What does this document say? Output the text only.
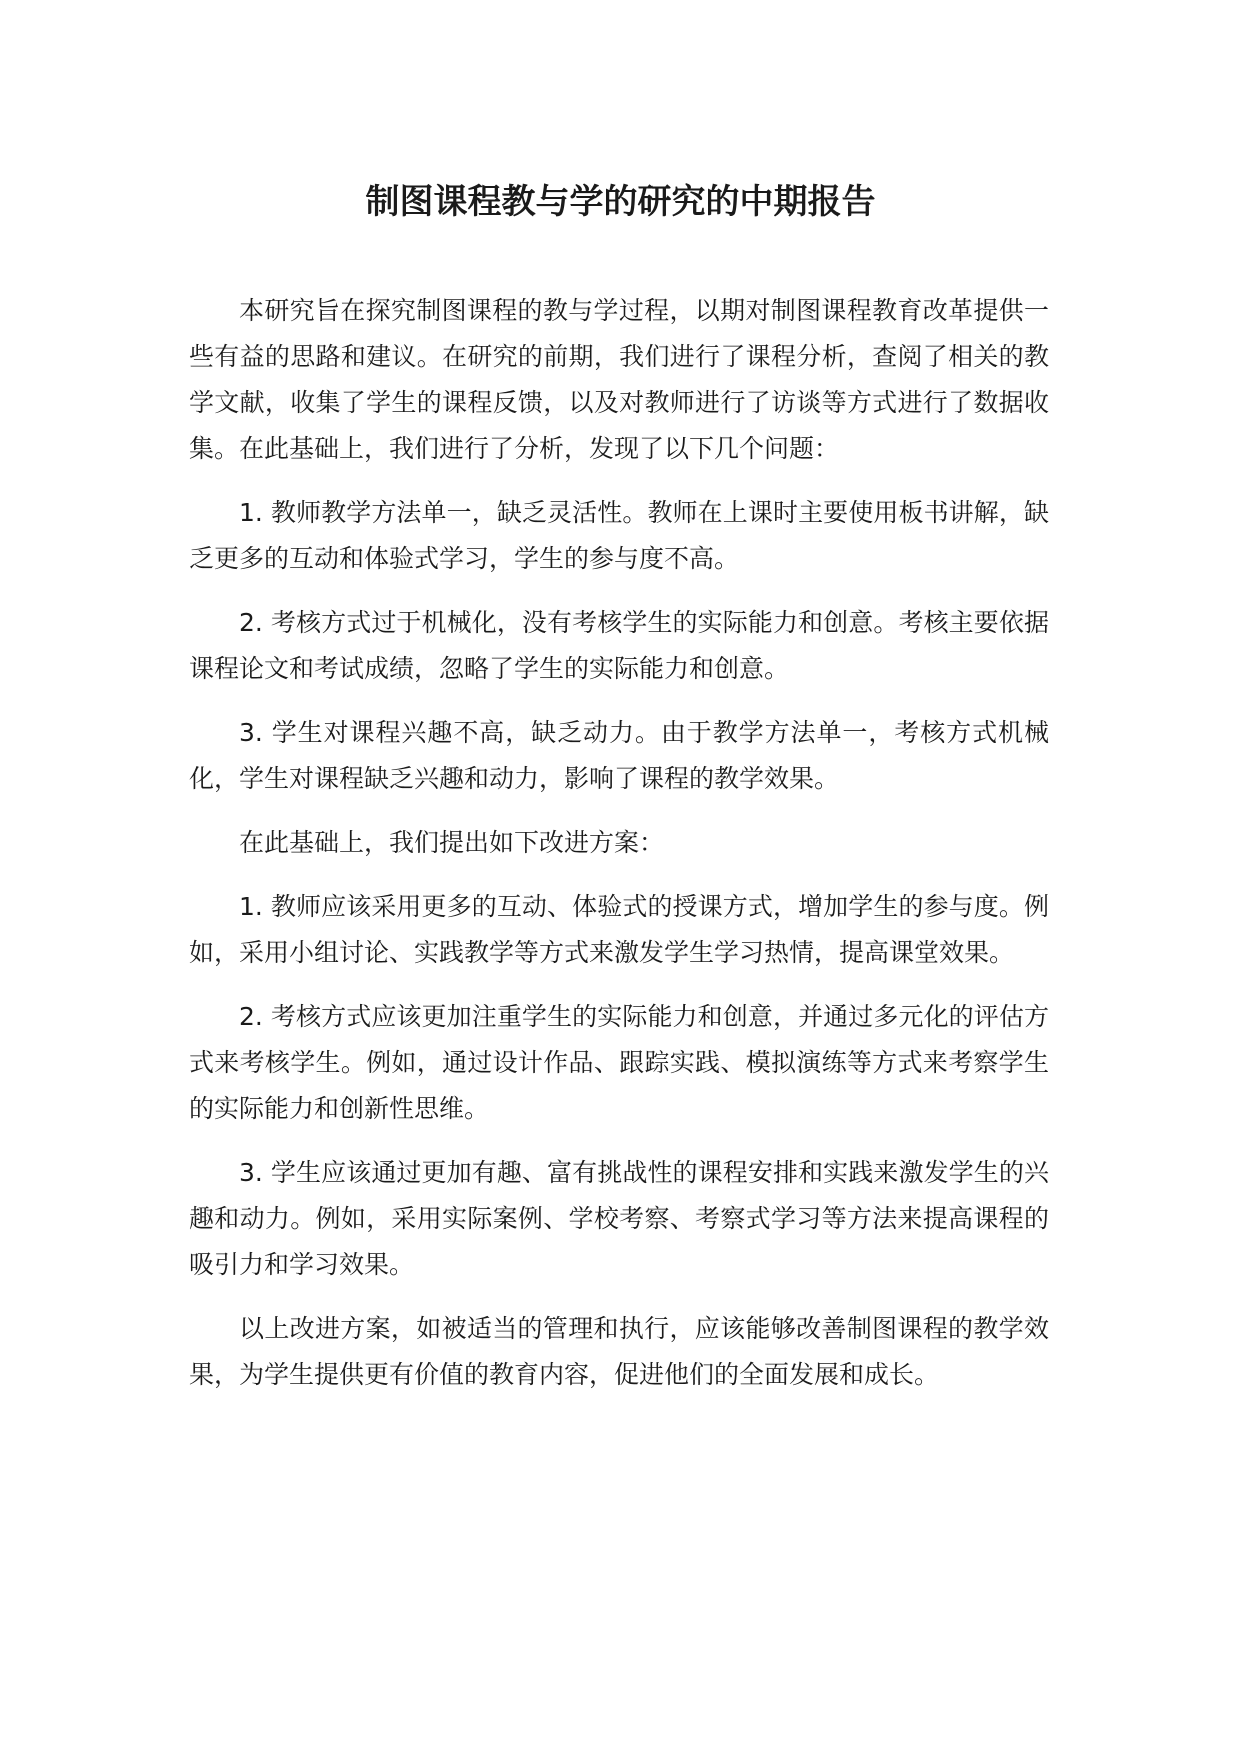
制图课程教与学的研究的中期报告

本研究旨在探究制图课程的教与学过程，以期对制图课程教育改革提供一些有益的思路和建议。在研究的前期，我们进行了课程分析，查阅了相关的教学文献，收集了学生的课程反馈，以及对教师进行了访谈等方式进行了数据收集。在此基础上，我们进行了分析，发现了以下几个问题：

1. 教师教学方法单一，缺乏灵活性。教师在上课时主要使用板书讲解，缺乏更多的互动和体验式学习，学生的参与度不高。

2. 考核方式过于机械化，没有考核学生的实际能力和创意。考核主要依据课程论文和考试成绩，忽略了学生的实际能力和创意。

3. 学生对课程兴趣不高，缺乏动力。由于教学方法单一，考核方式机械化，学生对课程缺乏兴趣和动力，影响了课程的教学效果。

在此基础上，我们提出如下改进方案：

1. 教师应该采用更多的互动、体验式的授课方式，增加学生的参与度。例如，采用小组讨论、实践教学等方式来激发学生学习热情，提高课堂效果。

2. 考核方式应该更加注重学生的实际能力和创意，并通过多元化的评估方式来考核学生。例如，通过设计作品、跟踪实践、模拟演练等方式来考察学生的实际能力和创新性思维。

3. 学生应该通过更加有趣、富有挑战性的课程安排和实践来激发学生的兴趣和动力。例如，采用实际案例、学校考察、考察式学习等方法来提高课程的吸引力和学习效果。

以上改进方案，如被适当的管理和执行，应该能够改善制图课程的教学效果，为学生提供更有价值的教育内容，促进他们的全面发展和成长。
